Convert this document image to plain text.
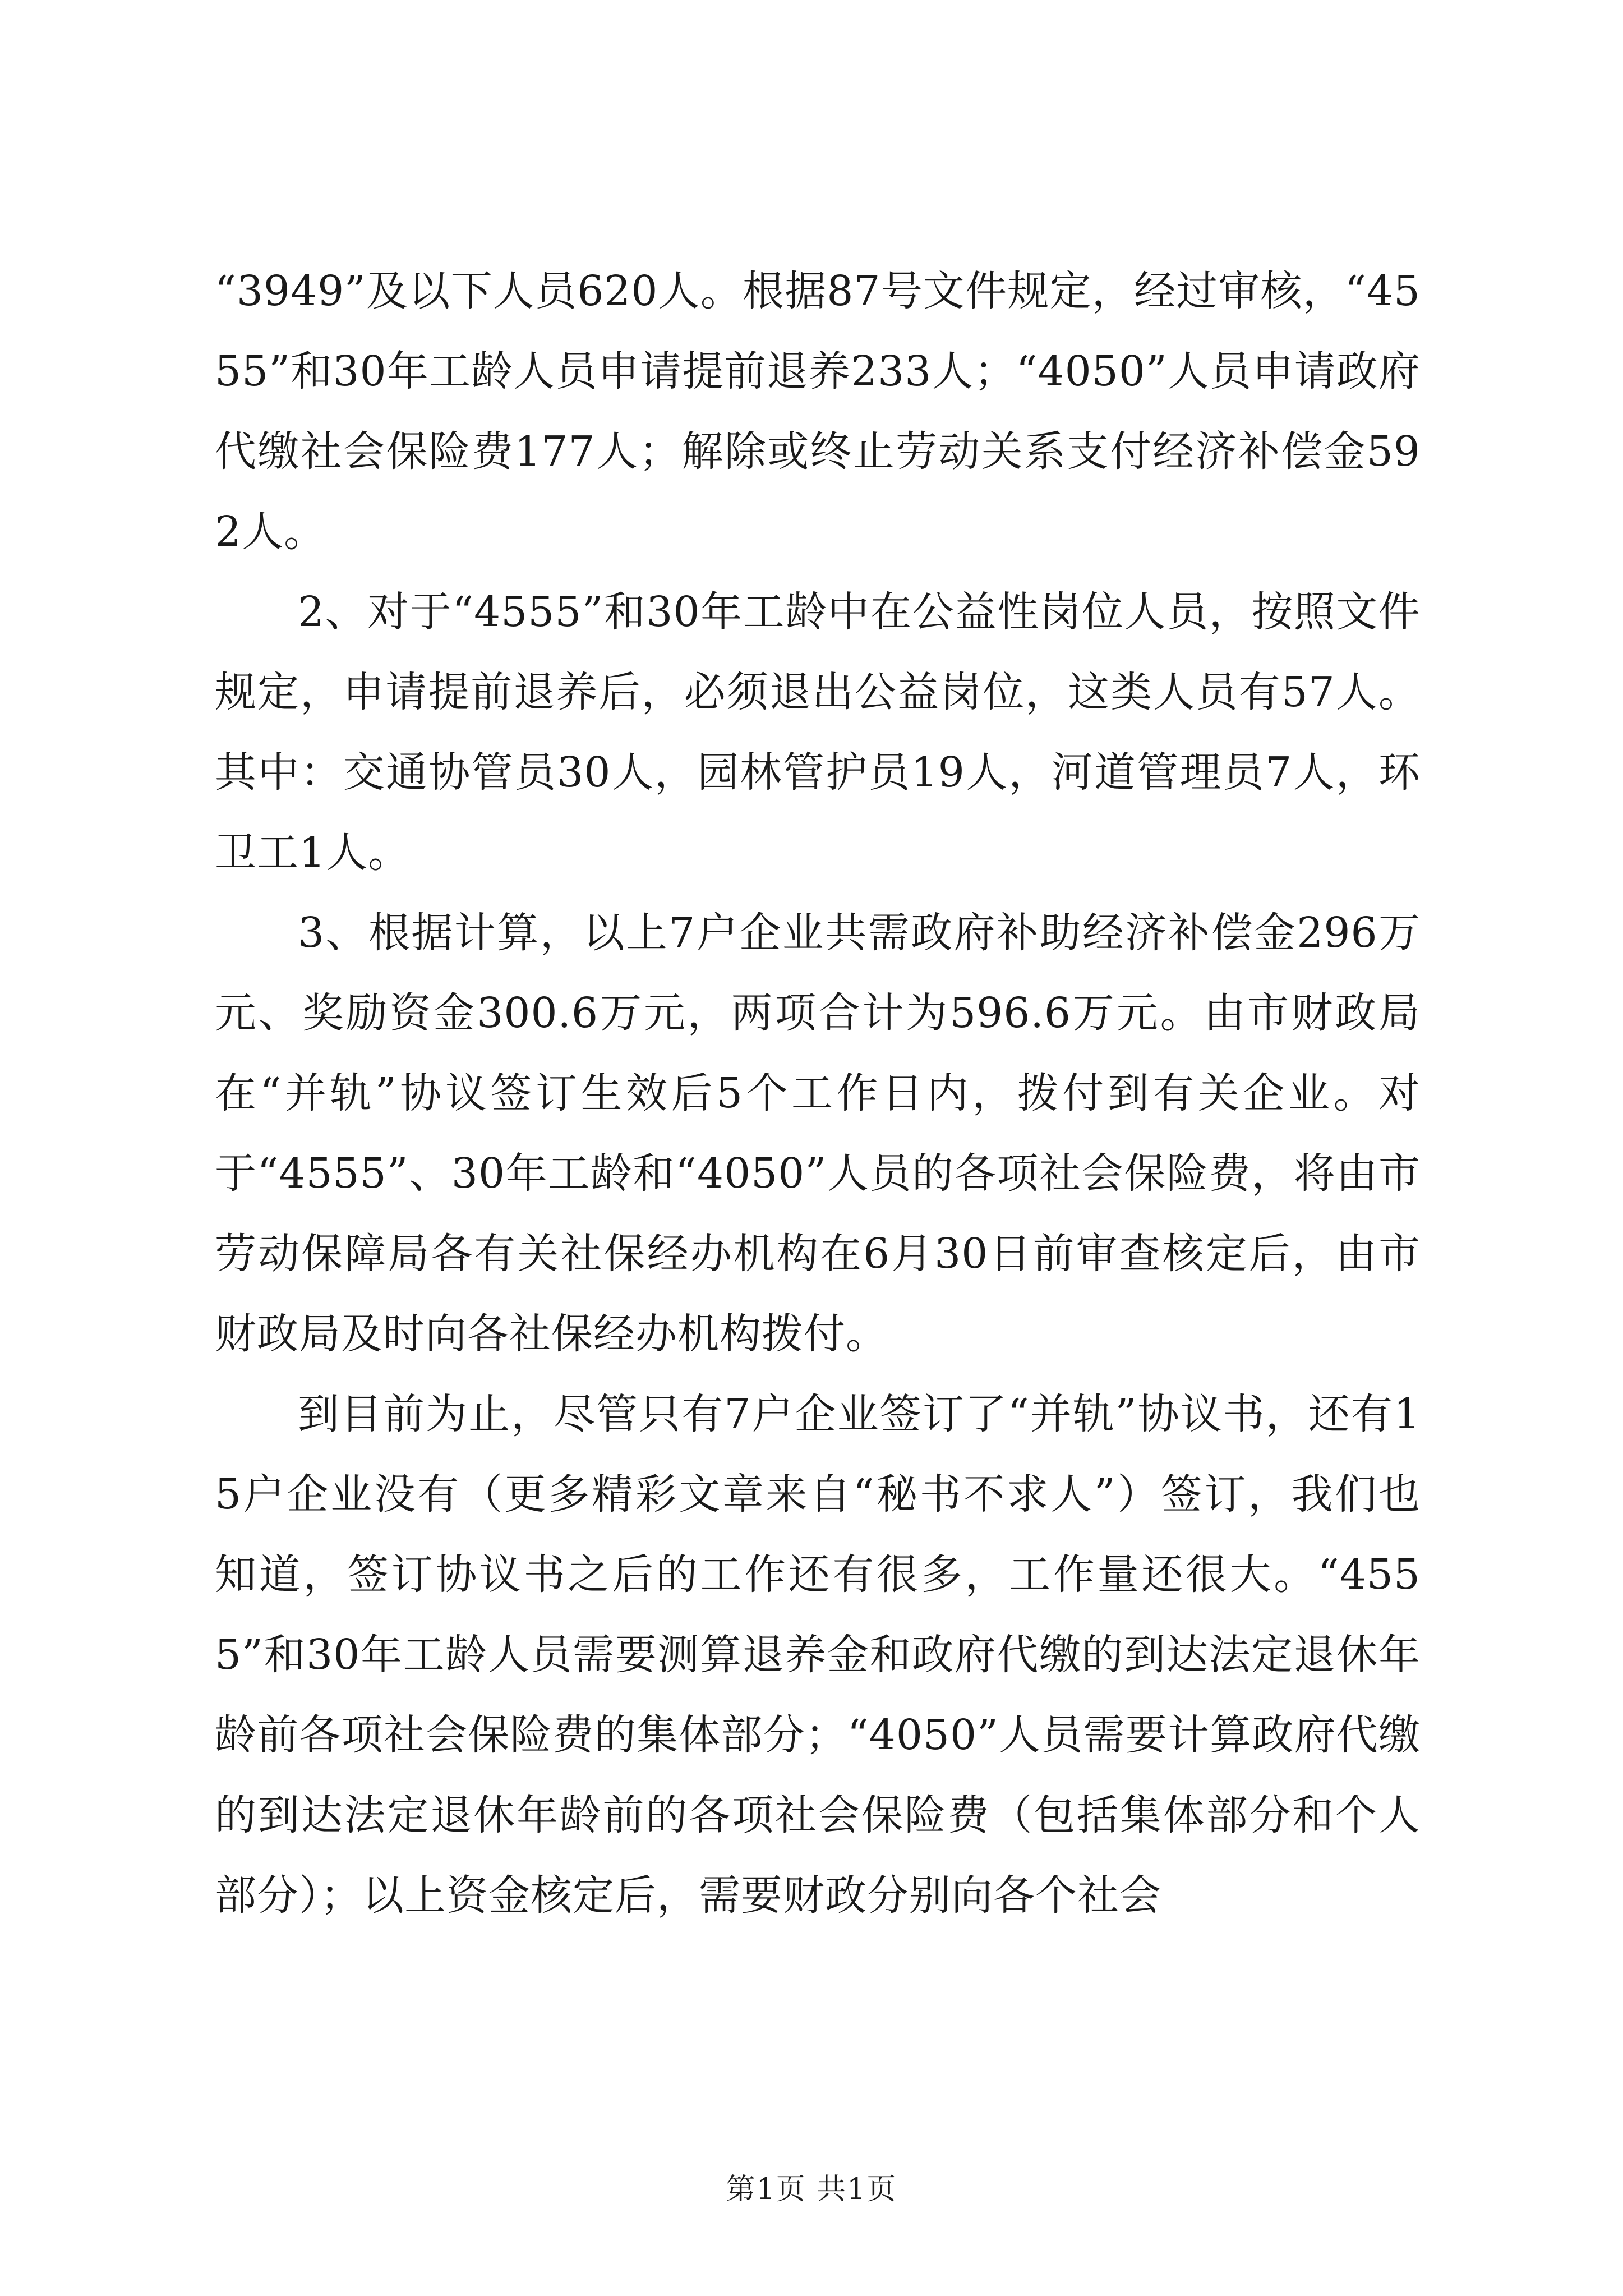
“3949”及以下人员620人。根据87号文件规定，经过审核，“4555”和30年工龄人员申请提前退养233人；“4050”人员申请政府代缴社会保险费177人；解除或终止劳动关系支付经济补偿金592人。

2、对于“4555”和30年工龄中在公益性岗位人员，按照文件规定，申请提前退养后，必须退出公益岗位，这类人员有57人。其中：交通协管员30人，园林管护员19人，河道管理员7人，环卫工1人。

3、根据计算，以上7户企业共需政府补助经济补偿金296万元、奖励资金300.6万元，两项合计为596.6万元。由市财政局在“并轨”协议签订生效后5个工作日内，拨付到有关企业。对于“4555”、30年工龄和“4050”人员的各项社会保险费，将由市劳动保障局各有关社保经办机构在6月30日前审查核定后，由市财政局及时向各社保经办机构拨付。

到目前为止，尽管只有7户企业签订了“并轨”协议书，还有15户企业没有（更多精彩文章来自“秘书不求人”）签订，我们也知道，签订协议书之后的工作还有很多，工作量还很大。“4555”和30年工龄人员需要测算退养金和政府代缴的到达法定退休年龄前各项社会保险费的集体部分；“4050”人员需要计算政府代缴的到达法定退休年龄前的各项社会保险费（包括集体部分和个人部分）；以上资金核定后，需要财政分别向各个社会

第1页 共1页
